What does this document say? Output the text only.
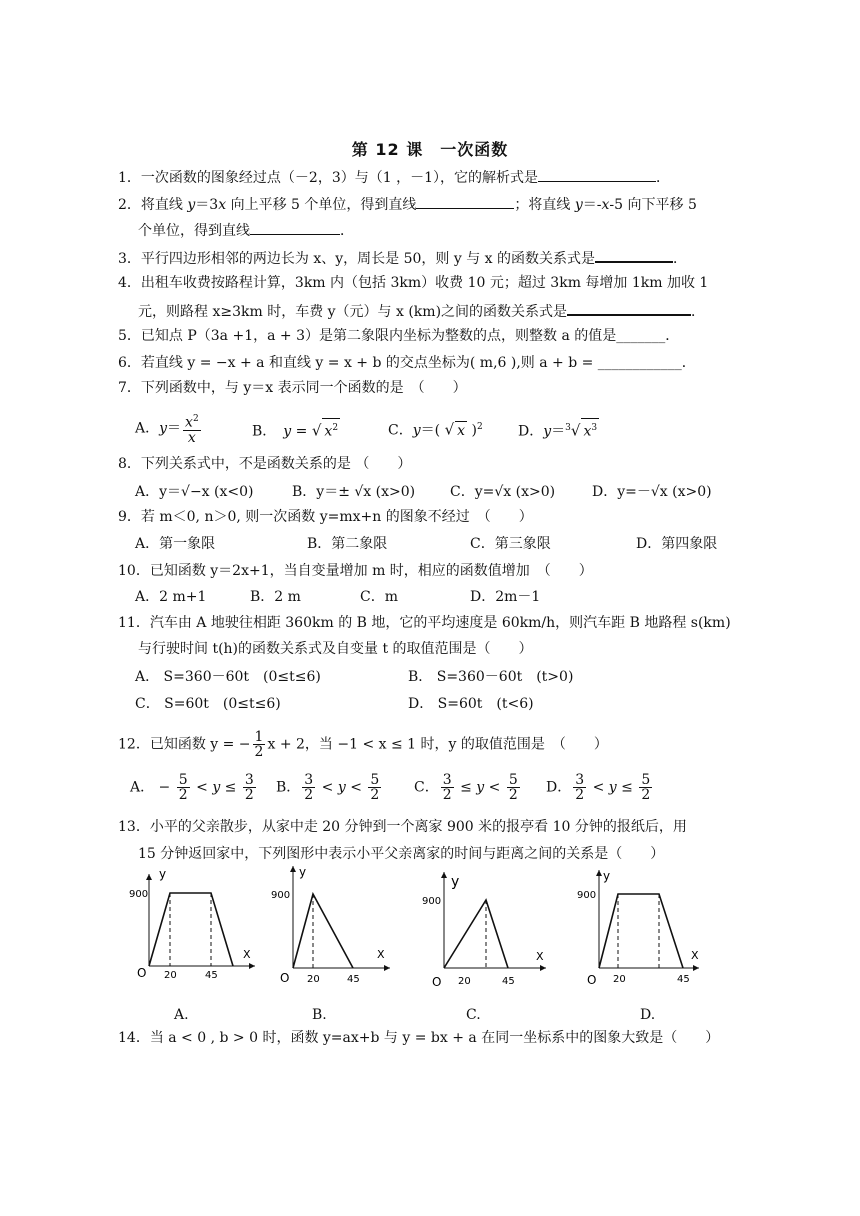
第 12 课　一次函数
1．一次函数的图象经过点（－2，3）与（1 ，－1），它的解析式是	．
2．将直线 y＝3x 向上平移 5 个单位，得到直线	；将直线 y＝-x-5 向下平移 5
个单位，得到直线	．
3．平行四边形相邻的两边长为 x、y，周长是 50，则 y 与 x 的函数关系式是	．
4．出租车收费按路程计算，3km 内（包括 3km）收费 10 元；超过 3km 每增加 1km 加收 1
元，则路程 x≥3km 时，车费 y（元）与 x (km)之间的函数关系式是	．
5．已知点 P（3a +1，a + 3）是第二象限内坐标为整数的点，则整数 a 的值是_______．
6．若直线 y = −x + a 和直线 y = x + b 的交点坐标为( m,6 ),则 a + b = ____________．
7．下列函数中，与 y＝x 表示同一个函数的是　（　　）
A．$y= \frac{x^2}{x}$	B．　y = √ $x^2$	C．y＝( √ x )$^2$	D．y＝$^3$√ $x^3$
8．下列关系式中，不是函数关系的是 （　　）
A．y＝√−x (x<0)	B．y＝± √x (x>0) C．y=√x (x>0)	D．y=－√x (x>0)
9．若 m＜0, n＞0, 则一次函数 y=mx+n 的图象不经过　（　　）
A．第一象限	B．第二象限	C．第三象限	D．第四象限
10．已知函数 y＝2x+1，当自变量增加 m 时，相应的函数值增加　（　　）
A．2 m+1	B．2 m	C．m	D．2m－1
11．汽车由 A 地驶往相距 360km 的 B 地，它的平均速度是 60km/h，则汽车距 B 地路程 s(km)
与行驶时间 t(h)的函数关系式及自变量 t 的取值范围是（　　）
A． S=360－60t　(0≤t≤6)	B． S=360－60t　(t>0)
C． S=60t　(0≤t≤6)	D． S=60t　(t<6)
12．已知函数 y = − $\frac{1}{2}$ x + 2，当 −1 < x ≤ 1 时，y 的取值范围是　（　　）
A． − $\frac{5}{2} < y \le \frac{3}{2}$ B． $\frac{3}{2} < y < \frac{5}{2}$ C． $\frac{3}{2} \le y < \frac{5}{2}$ D． $\frac{3}{2} < y \le \frac{5}{2}$
13．小平的父亲散步，从家中走 20 分钟到一个离家 900 米的报亭看 10 分钟的报纸后，用
15 分钟返回家中，下列图形中表示小平父亲离家的时间与距离之间的关系是（　　）
900
y
X
O 20	45
A.
900
y
X
O 20	45
B.
900
y
X
O 20	45
C.
900
y
X
O 20	45
D.
14．当 a < 0 , b > 0 时，函数 y=ax+b 与 y = bx + a 在同一坐标系中的图象大致是（　　）
